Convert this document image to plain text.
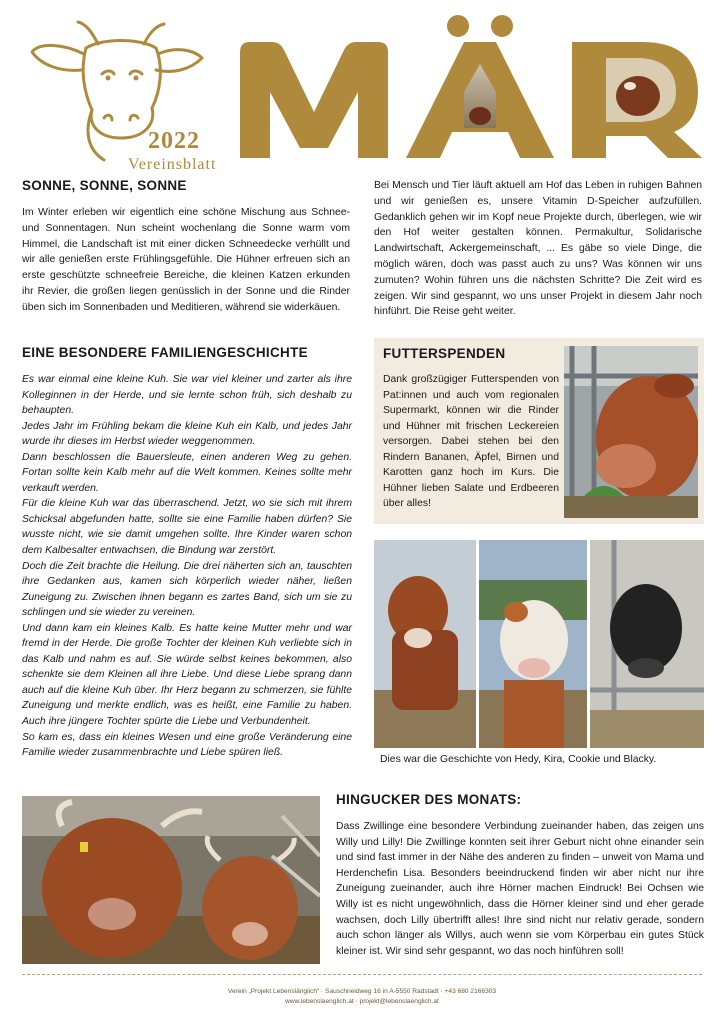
2022
Vereinsblatt
SONNE, SONNE, SONNE
Im Winter erleben wir eigentlich eine schöne Mischung aus Schnee- und Sonnentagen. Nun scheint wochenlang die Sonne warm vom Himmel, die Landschaft ist mit einer dicken Schneedecke verhüllt und wir alle genießen erste Frühlingsgefühle. Die Hühner erfreuen sich an erste geschützte schneefreie Bereiche, die kleinen Katzen erkunden ihr Revier, die großen liegen genüsslich in der Sonne und die Rinder üben sich im Sonnenbaden und Meditieren, während sie widerkäuen.
Bei Mensch und Tier läuft aktuell am Hof das Leben in ruhigen Bahnen und wir genießen es, unsere Vitamin D-Speicher aufzufüllen. Gedanklich gehen wir im Kopf neue Projekte durch, überlegen, wie wir den Hof weiter gestalten können. Permakultur, Solidarische Landwirtschaft, Ackergemeinschaft, ... Es gäbe so viele Dinge, die möglich wären, doch was passt auch zu uns? Was können wir uns zumuten? Wohin führen uns die nächsten Schritte? Die Zeit wird es zeigen. Wir sind gespannt, wo uns unser Projekt in diesem Jahr noch hinführt. Die Reise geht weiter.
EINE BESONDERE FAMILIENGESCHICHTE

Es war einmal eine kleine Kuh. Sie war viel kleiner und zarter als ihre Kolleginnen in der Herde, und sie lernte schon früh, sich deshalb zu behaupten.

Jedes Jahr im Frühling bekam die kleine Kuh ein Kalb, und jedes Jahr wurde ihr dieses im Herbst wieder weggenommen.

Dann beschlossen die Bauersleute, einen anderen Weg zu gehen. Fortan sollte kein Kalb mehr auf die Welt kommen. Keines sollte mehr verkauft werden.

Für die kleine Kuh war das überraschend. Jetzt, wo sie sich mit ihrem Schicksal abgefunden hatte, sollte sie eine Familie haben dürfen? Sie wusste nicht, wie sie damit umgehen sollte. Ihre Kinder waren schon dem Kalbesalter entwachsen, die Bindung war zerstört.

Doch die Zeit brachte die Heilung. Die drei näherten sich an, tauschten ihre Gedanken aus, kamen sich körperlich wieder näher, ließen Zuneigung zu. Zwischen ihnen begann es zartes Band, sich um sie zu schlingen und sie wieder zu vereinen.

Und dann kam ein kleines Kalb. Es hatte keine Mutter mehr und war fremd in der Herde. Die große Tochter der kleinen Kuh verliebte sich in das Kalb und nahm es auf. Sie würde selbst keines bekommen, also schenkte sie dem Kleinen all ihre Liebe. Und diese Liebe sprang dann auch auf die kleine Kuh über. Ihr Herz begann zu schmerzen, sie fühlte Zuneigung und merkte endlich, was es heißt, eine Familie zu haben. Auch ihre jüngere Tochter spürte die Liebe und Verbundenheit.

So kam es, dass ein kleines Wesen und eine große Veränderung eine Familie wieder zusammenbrachte und Liebe spüren ließ.

FUTTERSPENDEN
Dank großzügiger Futterspenden von Pat:innen und auch vom regionalen Supermarkt, können wir die Rinder und Hühner mit frischen Leckereien versorgen. Dabei stehen bei den Rindern Bananen, Äpfel, Birnen und Karotten ganz hoch im Kurs. Die Hühner lieben Salate und Erdbeeren über alles!
Dies war die Geschichte von Hedy, Kira, Cookie und Blacky.
HINGUCKER DES MONATS:
Dass Zwillinge eine besondere Verbindung zueinander haben, das zeigen uns Willy und Lilly! Die Zwillinge konnten seit ihrer Geburt nicht ohne einander sein und sind fast immer in der Nähe des anderen zu finden – unweit von Mama und Herdenchefin Lisa. Besonders beeindruckend finden wir aber nicht nur ihre Zuneigung zueinander, auch ihre Hörner machen Eindruck! Bei Ochsen wie Willy ist es nicht ungewöhnlich, dass die Hörner kleiner sind und eher gerade wachsen, doch Lilly übertrifft alles! Ihre sind nicht nur relativ gerade, sondern auch schon länger als Willys, auch wenn sie vom Körperbau ein gutes Stück kleiner ist. Wir sind sehr gespannt, wo das noch hinführen soll!
Verein „Projekt Lebenslänglich“ · Sauschneidweg 16 in A-5550 Radstadt · +43 680 2166303
www.lebenslaenglich.at · projekt@lebenslaenglich.at
